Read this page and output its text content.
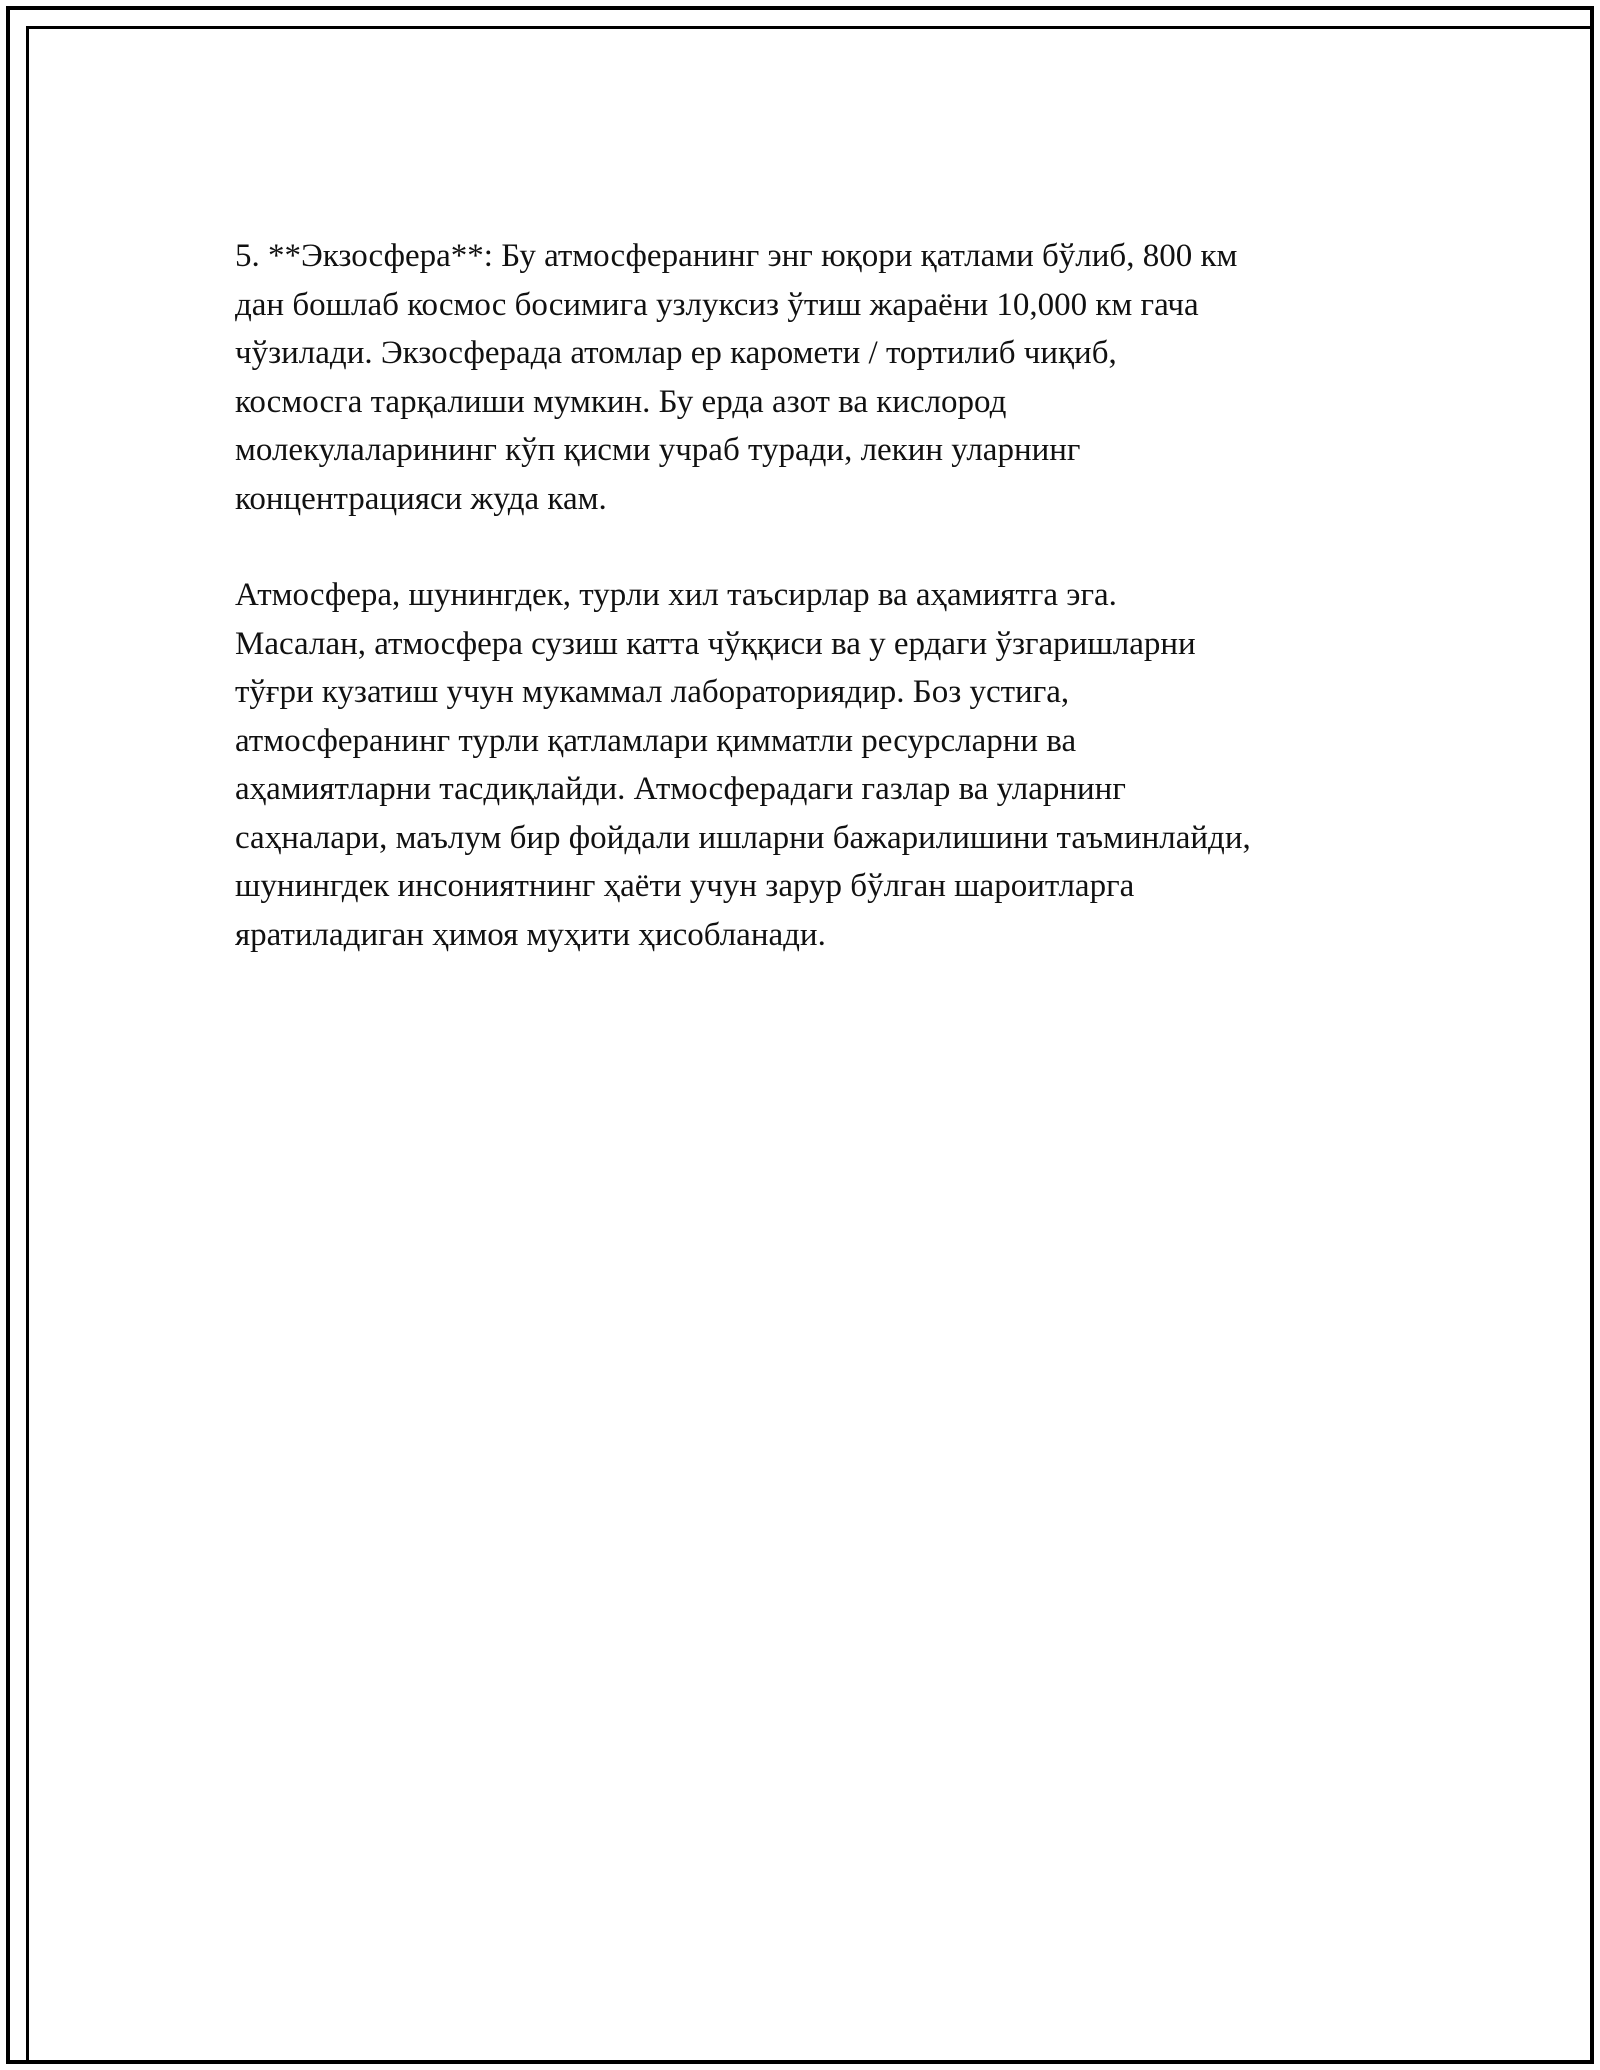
5. **Экзосфера**: Бу атмосферанинг энг юқори қатлами бўлиб, 800 км
дан бошлаб космос босимига узлуксиз ўтиш жараёни 10,000 км гача
чўзилади. Экзосферада атомлар ер каромети / тортилиб чиқиб,
космосга тарқалиши мумкин. Бу ерда азот ва кислород
молекулаларининг кўп қисми учраб туради, лекин уларнинг
концентрацияси жуда кам.

Атмосфера, шунингдек, турли хил таъсирлар ва аҳамиятга эга.
Масалан, атмосфера сузиш катта чўққиси ва у ердаги ўзгаришларни
тўғри кузатиш учун мукаммал лабораториядир. Боз устига,
атмосферанинг турли қатламлари қимматли ресурсларни ва
аҳамиятларни тасдиқлайди. Атмосферадаги газлар ва уларнинг
саҳналари, маълум бир фойдали ишларни бажарилишини таъминлайди,
шунингдек инсониятнинг ҳаёти учун зарур бўлган шароитларга
яратиладиган ҳимоя муҳити ҳисобланади.
